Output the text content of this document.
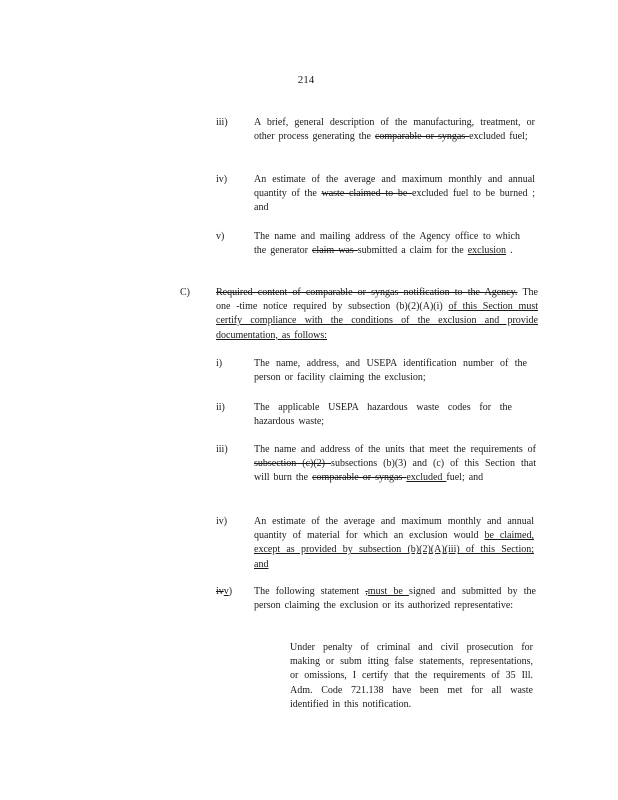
214
iii)	A brief, general description of the manufacturing, treatment, or other process generating the comparable or syngas excluded fuel;
iv)	An estimate of the average and maximum monthly and annual quantity of the waste claimed to be excluded fuel to be burned ; and
v)	The name and mailing address of the Agency office to which the generator claim was submitted a claim for the exclusion .
C)	Required content of comparable or syngas notification to the Agency. The one -time notice required by subsection (b)(2)(A)(i) of this Section must certify compliance with the conditions of the exclusion and provide documentation, as follows:
i)	The name, address, and USEPA identification number of the person or facility claiming the exclusion;
ii)	The applicable USEPA hazardous waste codes for the hazardous waste;
iii)	The name and address of the units that meet the requirements of subsection (c)(2) subsections (b)(3) and (c) of this Section that will burn the comparable or syngas excluded fuel; and
iv)	An estimate of the average and maximum monthly and annual quantity of material for which an exclusion would be claimed, except as provided by subsection (b)(2)(A)(iii) of this Section; and
ivv) The following statement ,must be signed and submitted by the person claiming the exclusion or its authorized representative:
Under penalty of criminal and civil prosecution for making or subm itting false statements, representations, or omissions, I certify that the requirements of 35 Ill. Adm. Code 721.138 have been met for all waste identified in this notification.
